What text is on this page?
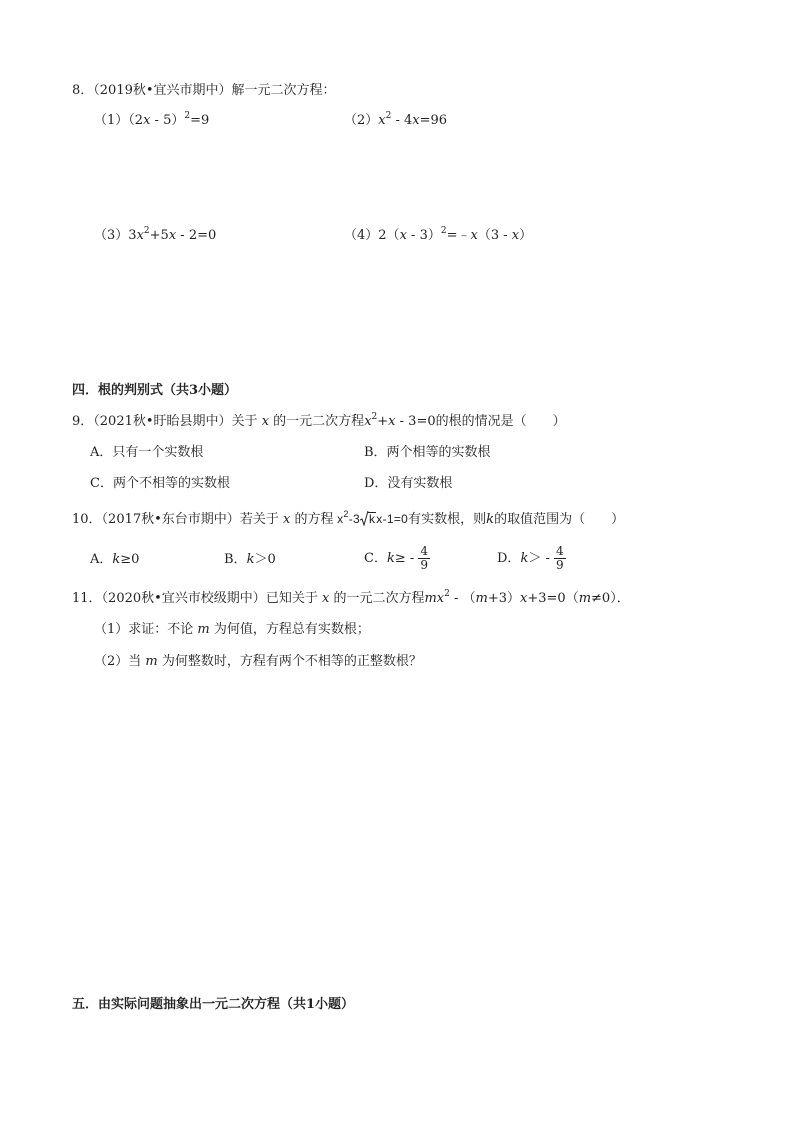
8．（2019秋•宜兴市期中）解一元二次方程：
（1）（2x - 5）$^2$=9	$(2)x^2 - 4x=96$
$(3)3x^2+5x - 2=0$	（4）2（x - 3）$^2$=﹣x（3 - x）
四．根的判别式（共3小题）
9．（2021秋•盱眙县期中）关于 x 的一元二次方程$x^2+x - 3=0$的根的情况是（　　）
A．只有一个实数根	B．两个相等的实数根
C．两个不相等的实数根	D．没有实数根
10．（2017秋•东台市期中）若关于 x 的方程 $x^2-3$ kx-1=0有实数根，则k的取值范围为（　　）
A．k≥0	B．k＞0	C．$k\ge - \frac{4}{9}$	D．$k> - \frac{4}{9}$
11．（2020秋•宜兴市校级期中）已知关于 x 的一元二次方程$mx^2 - (m+3)x+3=0(m\ne 0)$．
（1）求证：不论 m 为何值，方程总有实数根；
（2）当 m 为何整数时，方程有两个不相等的正整数根？
五．由实际问题抽象出一元二次方程（共1小题）
